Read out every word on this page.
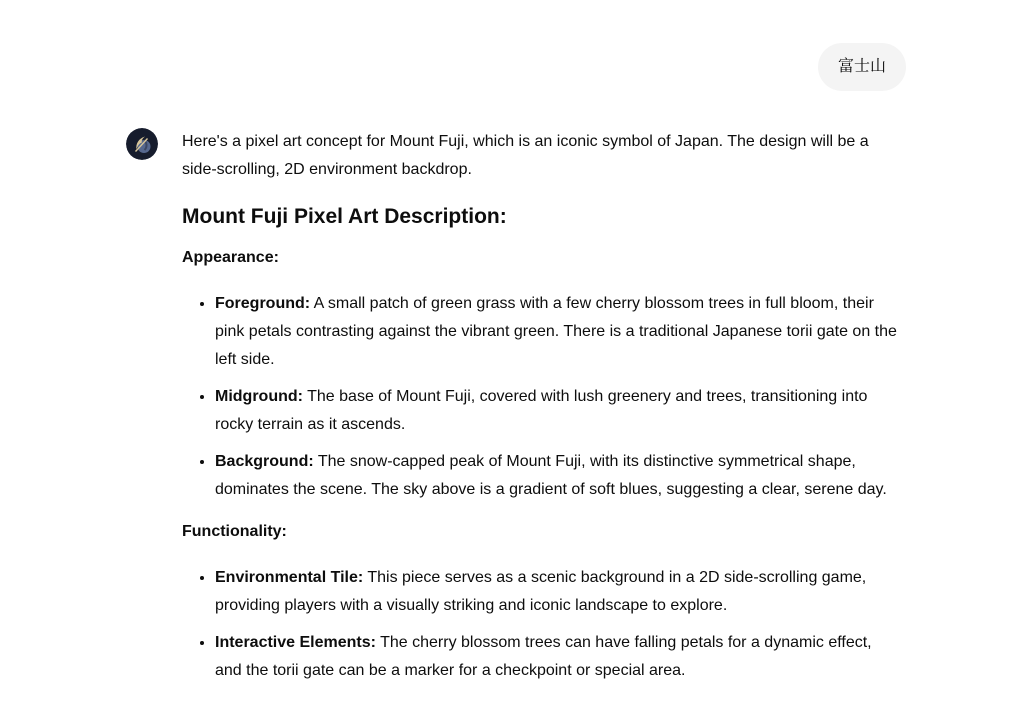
富士山

Here's a pixel art concept for Mount Fuji, which is an iconic symbol of Japan. The design will be a side-scrolling, 2D environment backdrop.

Mount Fuji Pixel Art Description:

Appearance:

• Foreground: A small patch of green grass with a few cherry blossom trees in full bloom, their pink petals contrasting against the vibrant green. There is a traditional Japanese torii gate on the left side.
• Midground: The base of Mount Fuji, covered with lush greenery and trees, transitioning into rocky terrain as it ascends.
• Background: The snow-capped peak of Mount Fuji, with its distinctive symmetrical shape, dominates the scene. The sky above is a gradient of soft blues, suggesting a clear, serene day.

Functionality:

• Environmental Tile: This piece serves as a scenic background in a 2D side-scrolling game, providing players with a visually striking and iconic landscape to explore.
• Interactive Elements: The cherry blossom trees can have falling petals for a dynamic effect, and the torii gate can be a marker for a checkpoint or special area.
